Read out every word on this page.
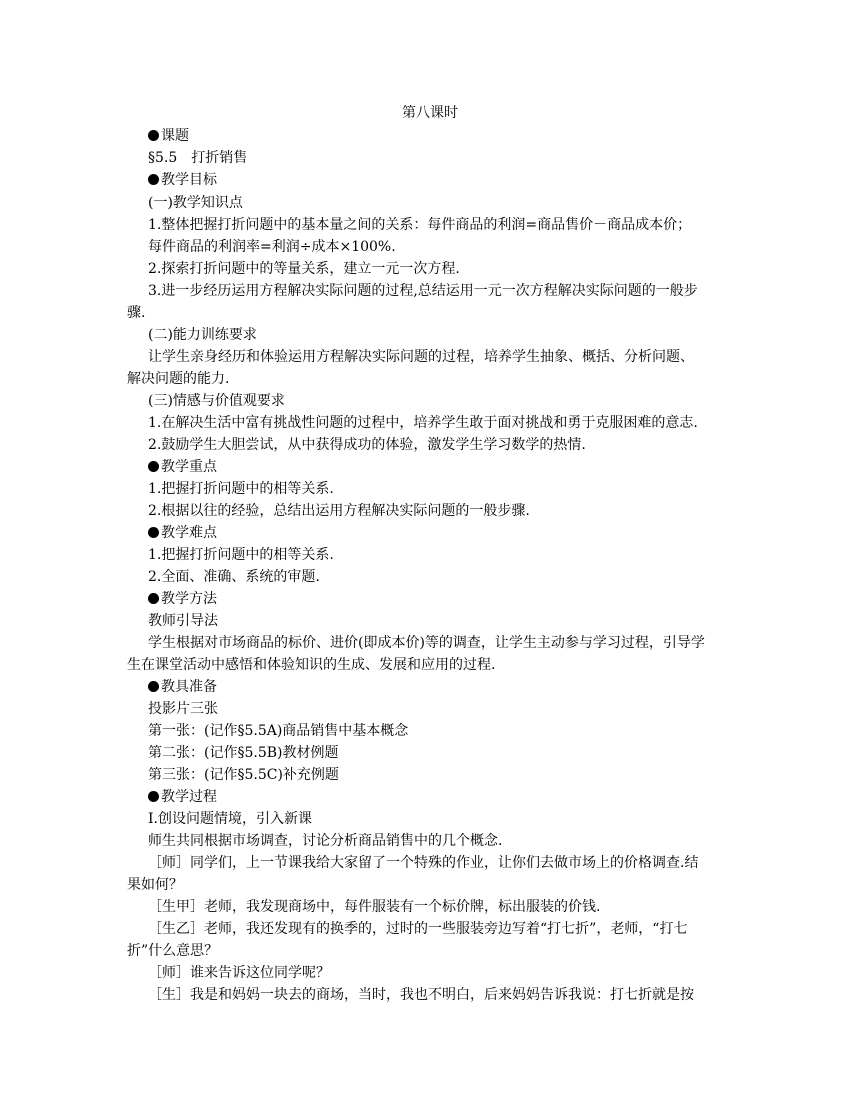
第八课时
课题
§5.5　打折销售
教学目标
(一)教学知识点
1.整体把握打折问题中的基本量之间的关系：每件商品的利润=商品售价－商品成本价；
每件商品的利润率=利润÷成本×100%.
2.探索打折问题中的等量关系，建立一元一次方程.
3.进一步经历运用方程解决实际问题的过程,总结运用一元一次方程解决实际问题的一般步
骤.
(二)能力训练要求
让学生亲身经历和体验运用方程解决实际问题的过程，培养学生抽象、概括、分析问题、
解决问题的能力.
(三)情感与价值观要求
1.在解决生活中富有挑战性问题的过程中，培养学生敢于面对挑战和勇于克服困难的意志.
2.鼓励学生大胆尝试，从中获得成功的体验，激发学生学习数学的热情.
教学重点
1.把握打折问题中的相等关系.
2.根据以往的经验，总结出运用方程解决实际问题的一般步骤.
教学难点
1.把握打折问题中的相等关系.
2.全面、准确、系统的审题.
教学方法
教师引导法
学生根据对市场商品的标价、进价(即成本价)等的调查，让学生主动参与学习过程，引导学
生在课堂活动中感悟和体验知识的生成、发展和应用的过程.
教具准备
投影片三张
第一张：(记作§5.5A)商品销售中基本概念
第二张：(记作§5.5B)教材例题
第三张：(记作§5.5C)补充例题
教学过程
Ⅰ.创设问题情境，引入新课
师生共同根据市场调查，讨论分析商品销售中的几个概念.
［师］同学们，上一节课我给大家留了一个特殊的作业，让你们去做市场上的价格调查.结
果如何？
［生甲］老师，我发现商场中，每件服装有一个标价牌，标出服装的价钱.
［生乙］老师，我还发现有的换季的，过时的一些服装旁边写着“打七折”，老师，“打七
折”什么意思？
［师］谁来告诉这位同学呢？
［生］我是和妈妈一块去的商场，当时，我也不明白，后来妈妈告诉我说：打七折就是按
